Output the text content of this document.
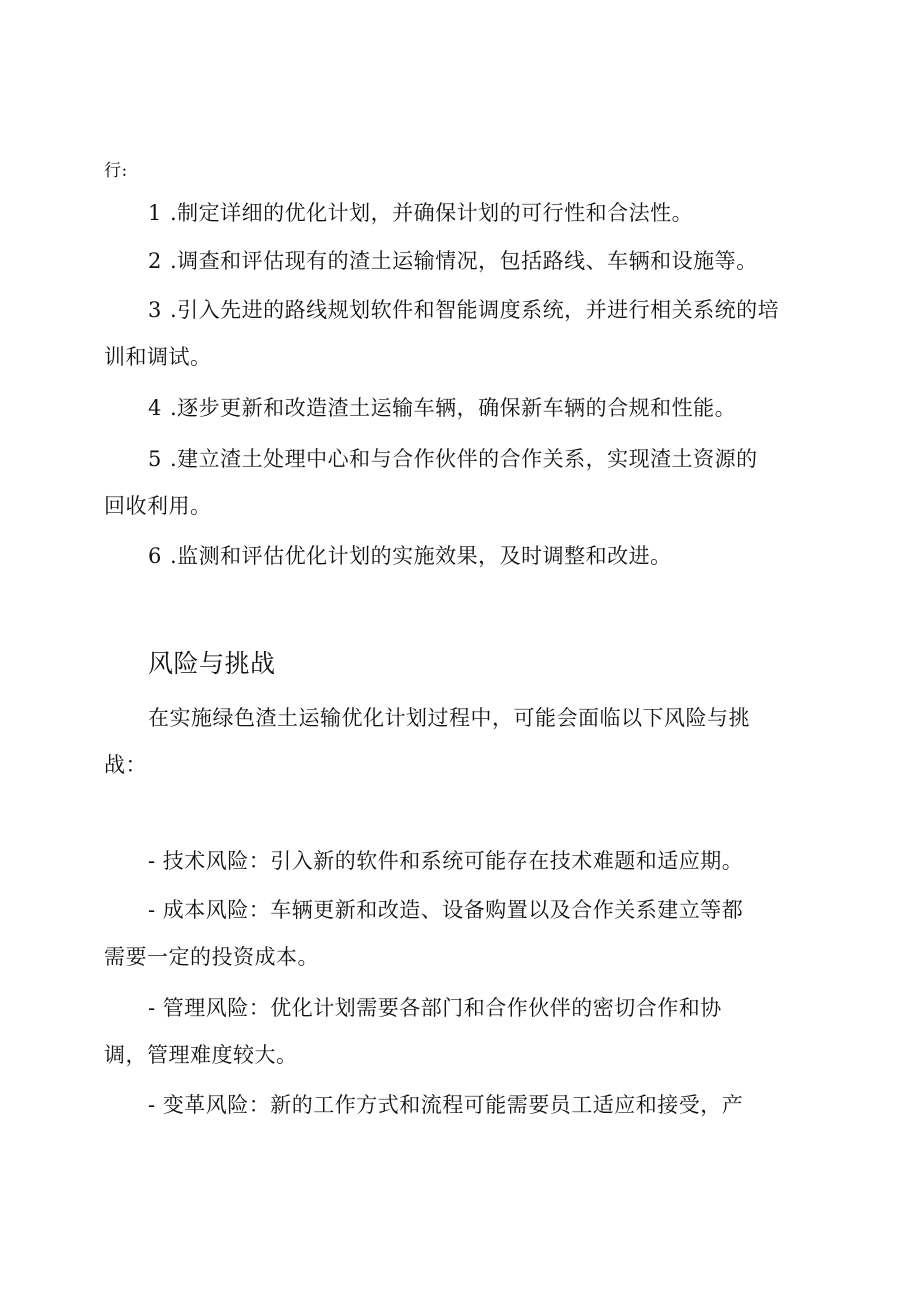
行:
1 .制定详细的优化计划，并确保计划的可行性和合法性。
2 .调查和评估现有的渣土运输情况，包括路线、车辆和设施等。
3 .引入先进的路线规划软件和智能调度系统，并进行相关系统的培
训和调试。
4 .逐步更新和改造渣土运输车辆，确保新车辆的合规和性能。
5 .建立渣土处理中心和与合作伙伴的合作关系，实现渣土资源的
回收利用。
6 .监测和评估优化计划的实施效果，及时调整和改进。
风险与挑战
在实施绿色渣土运输优化计划过程中，可能会面临以下风险与挑
战：
- 技术风险：引入新的软件和系统可能存在技术难题和适应期。
- 成本风险：车辆更新和改造、设备购置以及合作关系建立等都
需要一定的投资成本。
- 管理风险：优化计划需要各部门和合作伙伴的密切合作和协
调，管理难度较大。
- 变革风险：新的工作方式和流程可能需要员工适应和接受，产
